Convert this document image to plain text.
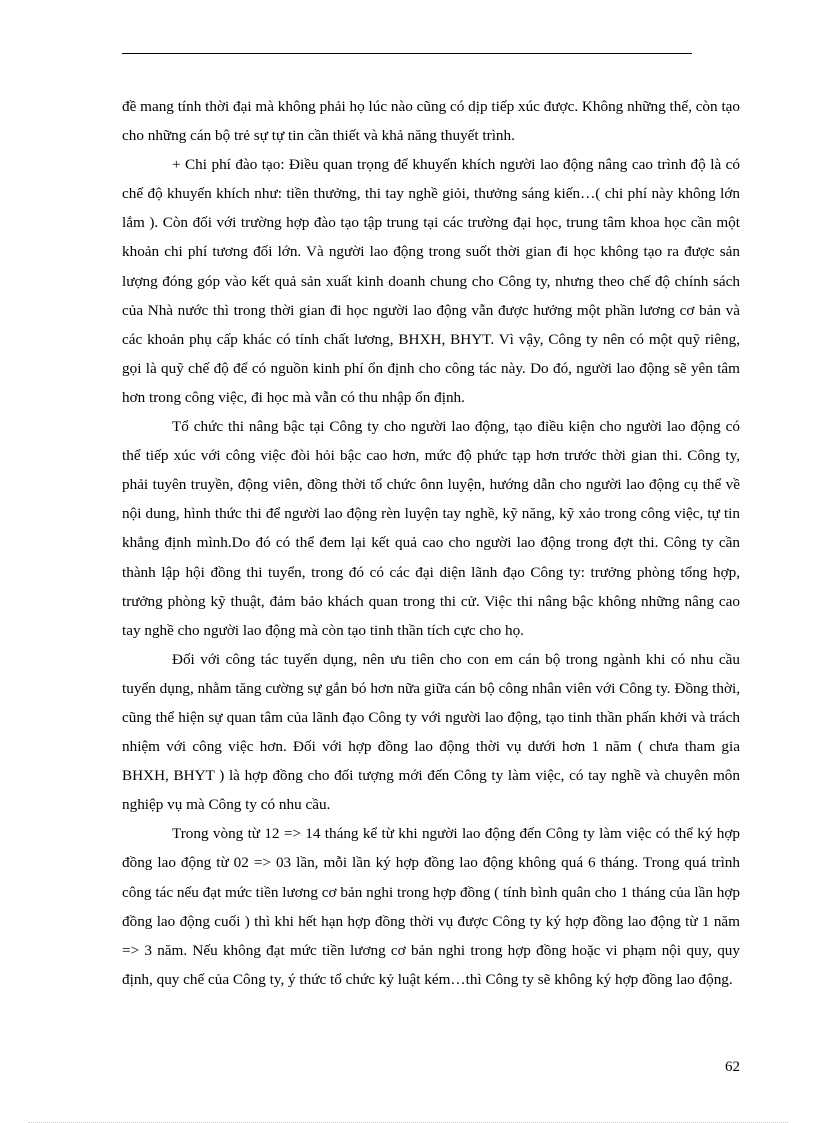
đề mang tính thời đại mà không phải họ lúc nào cũng có dịp tiếp xúc được. Không những thế, còn tạo cho những cán bộ trẻ sự tự tin cần thiết và khả năng thuyết trình.

+ Chi phí đào tạo: Điều quan trọng để khuyến khích người lao động nâng cao trình độ là có chế độ khuyến khích như: tiền thưởng, thi tay nghề giỏi, thưởng sáng kiến…( chi phí này không lớn lắm ). Còn đối với trường hợp đào tạo tập trung tại các trường đại học, trung tâm khoa học cần một khoản chi phí tương đối lớn. Và người lao động trong suốt thời gian đi học không tạo ra được sản lượng đóng góp vào kết quả sản xuất kinh doanh chung cho Công ty, nhưng theo chế độ chính sách của Nhà nước thì trong thời gian đi học người lao động vẫn được hưởng một phần lương cơ bản và các khoản phụ cấp khác có tính chất lương, BHXH, BHYT. Vì vậy, Công ty nên có một quỹ riêng, gọi là quỹ chế độ để có nguồn kinh phí ổn định cho công tác này. Do đó, người lao động sẽ yên tâm hơn trong công việc, đi học mà vẫn có thu nhập ổn định.

Tổ chức thi nâng bậc tại Công ty cho người lao động, tạo điều kiện cho người lao động có thể tiếp xúc với công việc đòi hỏi bậc cao hơn, mức độ phức tạp hơn trước thời gian thi. Công ty, phải tuyên truyền, động viên, đồng thời tổ chức ônn luyện, hướng dẫn cho người lao động cụ thể về nội dung, hình thức thi để người lao động rèn luyện tay nghề, kỹ năng, kỹ xảo trong công việc, tự tin khẳng định mình.Do đó có thể đem lại kết quả cao cho người lao động trong đợt thi. Công ty cần thành lập hội đồng thi tuyển, trong đó có các đại diện lãnh đạo Công ty: trưởng phòng tổng hợp, trưởng phòng kỹ thuật, đảm bảo khách quan trong thi cử. Việc thi nâng bậc không những nâng cao tay nghề cho người lao động mà còn tạo tinh thần tích cực cho họ.

Đối với công tác tuyển dụng, nên ưu tiên cho con em cán bộ trong ngành khi có nhu cầu tuyển dụng, nhằm tăng cường sự gắn bó hơn nữa giữa cán bộ công nhân viên với Công ty. Đồng thời, cũng thể hiện sự quan tâm của lãnh đạo Công ty với người lao động, tạo tinh thần phấn khởi và trách nhiệm với công việc hơn. Đối với hợp đồng lao động thời vụ dưới hơn 1 năm ( chưa tham gia BHXH, BHYT ) là hợp đồng cho đối tượng mới đến Công ty làm việc, có tay nghề và chuyên môn nghiệp vụ mà Công ty có nhu cầu.

Trong vòng từ 12 => 14 tháng kể từ khi người lao động đến Công ty làm việc có thể ký hợp đồng lao động từ 02 => 03 lần, mỗi lần ký hợp đồng lao động không quá 6 tháng. Trong quá trình công tác nếu đạt mức tiền lương cơ bản nghi trong hợp đồng ( tính bình quân cho 1 tháng của lần hợp đồng lao động cuối ) thì khi hết hạn hợp đồng thời vụ được Công ty ký hợp đồng lao động từ 1 năm => 3 năm. Nếu không đạt mức tiền lương cơ bản nghi trong hợp đồng hoặc vi phạm nội quy, quy định, quy chế của Công ty, ý thức tổ chức kỷ luật kém…thì Công ty sẽ không ký hợp đồng lao động.

62
